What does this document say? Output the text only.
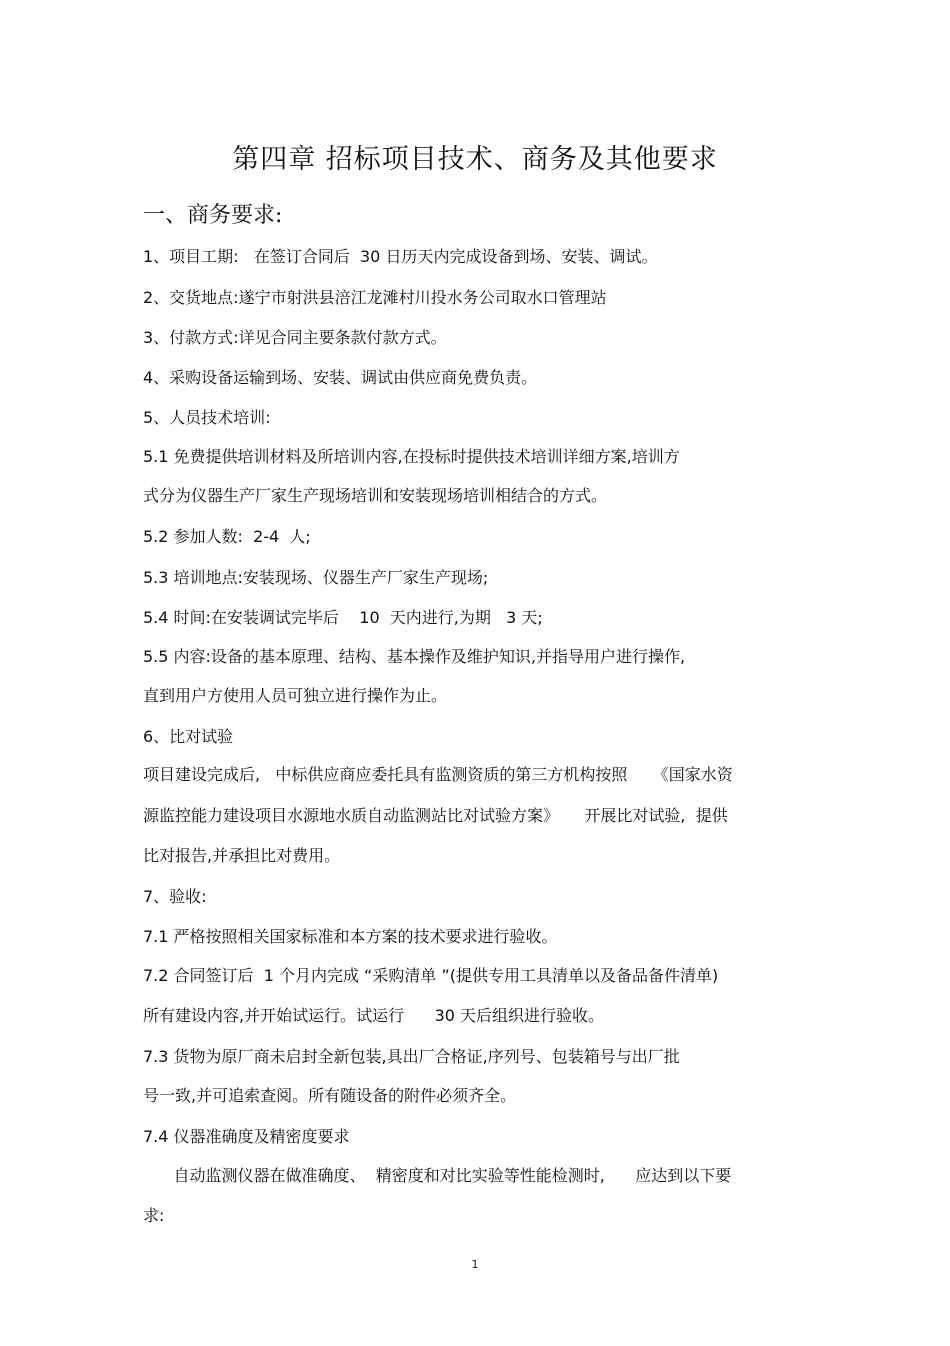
第四章 招标项目技术、商务及其他要求
一、商务要求:

1、项目工期:   在签订合同后  30 日历天内完成设备到场、安装、调试。

2、交货地点:遂宁市射洪县涪江龙滩村川投水务公司取水口管理站

3、付款方式:详见合同主要条款付款方式。

4、采购设备运输到场、安装、调试由供应商免费负责。

5、人员技术培训:

5.1 免费提供培训材料及所培训内容,在投标时提供技术培训详细方案,培训方

式分为仪器生产厂家生产现场培训和安装现场培训相结合的方式。

5.2 参加人数:  2-4  人;

5.3 培训地点:安装现场、仪器生产厂家生产现场;

5.4 时间:在安装调试完毕后    10  天内进行,为期   3 天;

5.5 内容:设备的基本原理、结构、基本操作及维护知识,并指导用户进行操作,

直到用户方使用人员可独立进行操作为止。

6、比对试验

项目建设完成后,   中标供应商应委托具有监测资质的第三方机构按照     《国家水资

源监控能力建设项目水源地水质自动监测站比对试验方案》     开展比对试验,  提供

比对报告,并承担比对费用。

7、验收:

7.1 严格按照相关国家标准和本方案的技术要求进行验收。

7.2 合同签订后  1 个月内完成 “采购清单 ”(提供专用工具清单以及备品备件清单)

所有建设内容,并开始试运行。试运行      30 天后组织进行验收。

7.3 货物为原厂商未启封全新包装,具出厂合格证,序列号、包装箱号与出厂批

号一致,并可追索查阅。所有随设备的附件必须齐全。

7.4 仪器准确度及精密度要求

自动监测仪器在做准确度、  精密度和对比实验等性能检测时,      应达到以下要

求:

1
